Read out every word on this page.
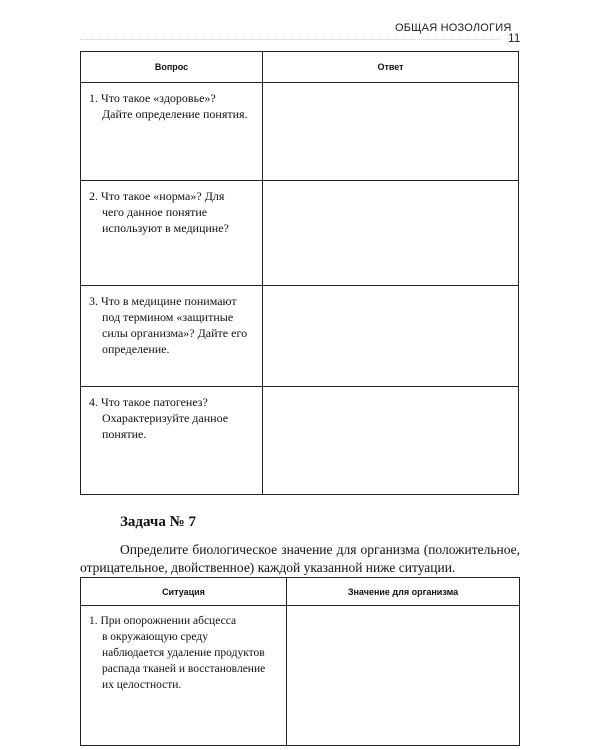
ОБЩАЯ НОЗОЛОГИЯ
11
Вопрос	Ответ

1. Что такое «здоровье»?
Дайте определение понятия.	

2. Что такое «норма»? Для
чего данное понятие
используют в медицине?	

3. Что в медицине понимают
под термином «защитные
силы организма»? Дайте его
определение.	

4. Что такое патогенез?
Охарактеризуйте данное
понятие.	

Задача № 7
Определите биологическое значение для организма (положительное, отрицательное, двойственное) каждой указанной ниже ситуации.
Ситуация	Значение для организма

1. При опорожнении абсцесса
в окружающую среду
наблюдается удаление продуктов
распада тканей и восстановление
их целостности.	
